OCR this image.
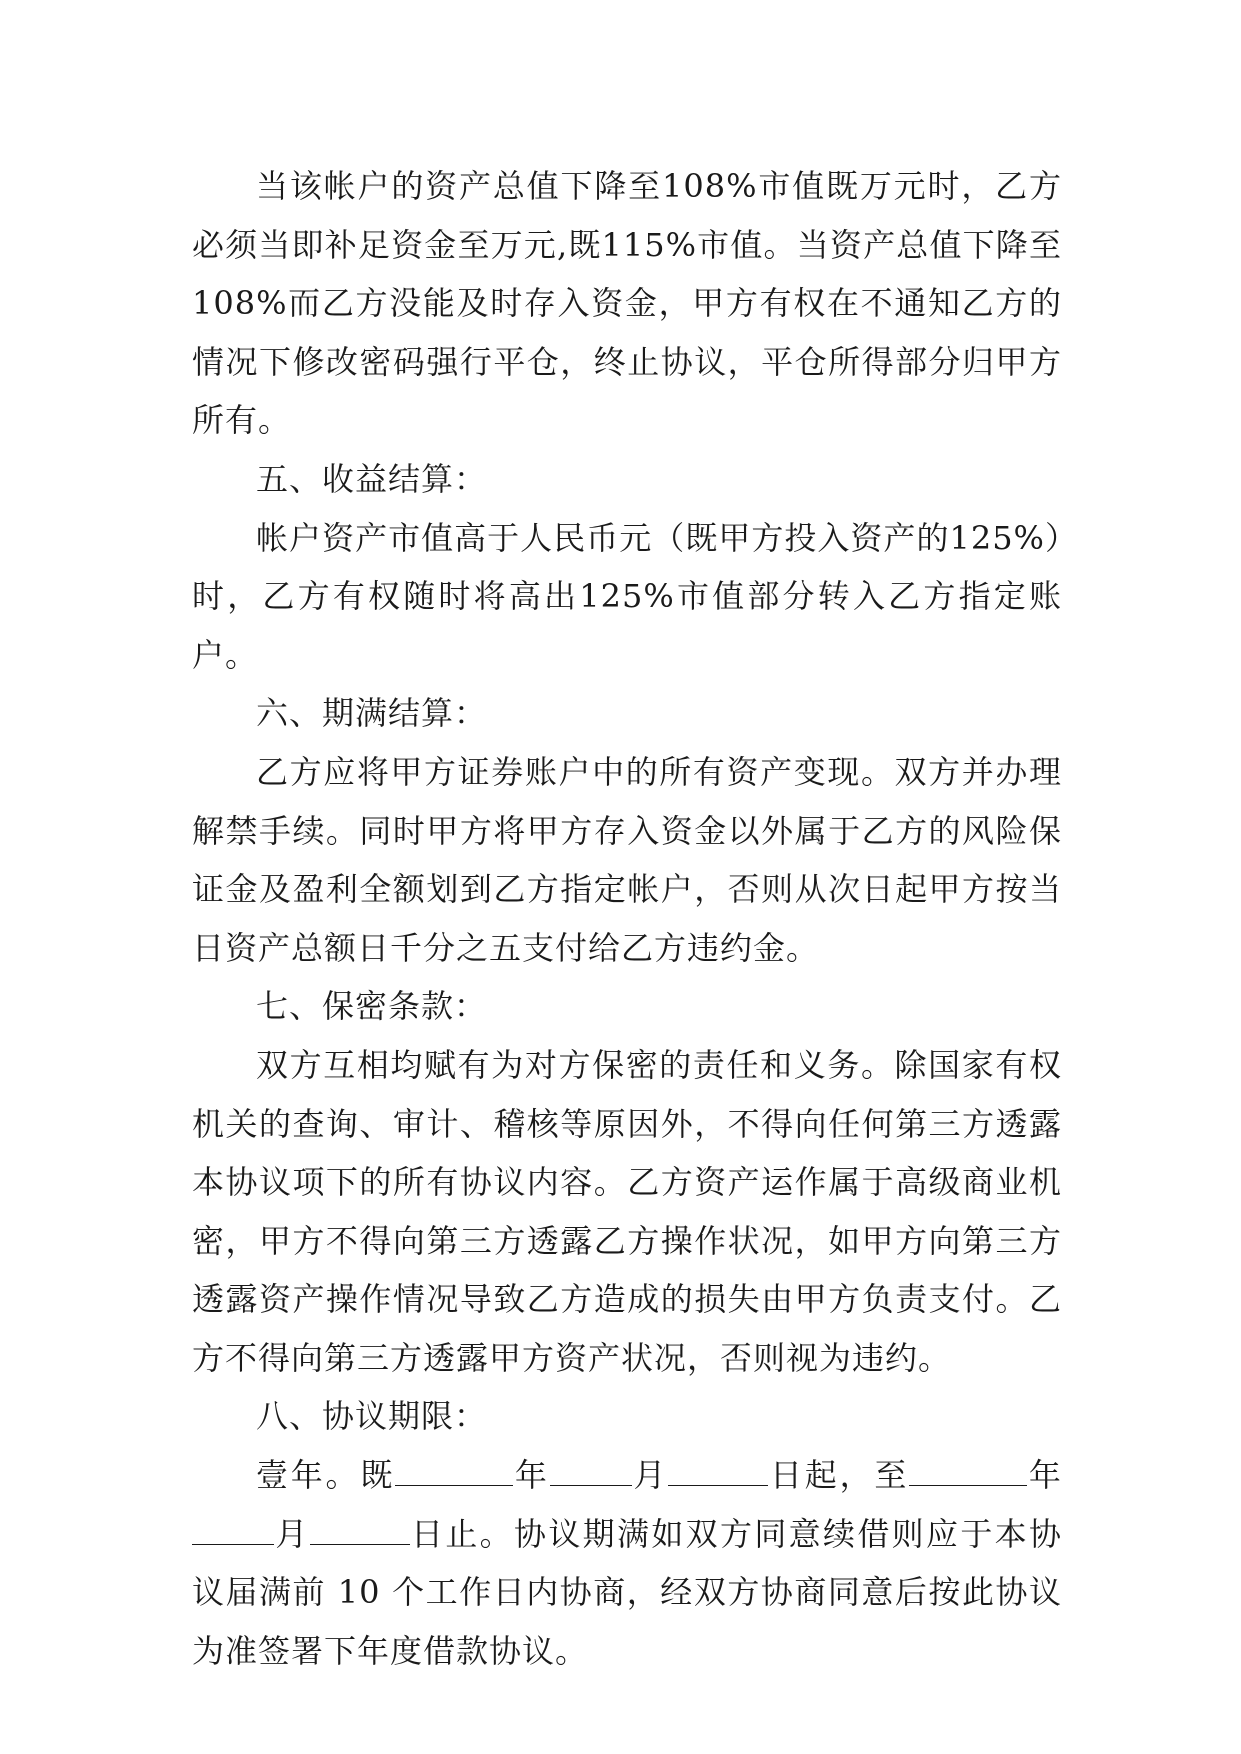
当该帐户的资产总值下降至108%市值既万元时，乙方必须当即补足资金至万元,既115%市值。当资产总值下降至108%而乙方没能及时存入资金，甲方有权在不通知乙方的情况下修改密码强行平仓，终止协议，平仓所得部分归甲方所有。

五、收益结算：

帐户资产市值高于人民币元（既甲方投入资产的125%）时，乙方有权随时将高出125%市值部分转入乙方指定账户。

六、期满结算：

乙方应将甲方证券账户中的所有资产变现。双方并办理解禁手续。同时甲方将甲方存入资金以外属于乙方的风险保证金及盈利全额划到乙方指定帐户，否则从次日起甲方按当日资产总额日千分之五支付给乙方违约金。

七、保密条款：

双方互相均赋有为对方保密的责任和义务。除国家有权机关的查询、审计、稽核等原因外，不得向任何第三方透露本协议项下的所有协议内容。乙方资产运作属于高级商业机密，甲方不得向第三方透露乙方操作状况，如甲方向第三方透露资产操作情况导致乙方造成的损失由甲方负责支付。乙方不得向第三方透露甲方资产状况，否则视为违约。

八、协议期限：

壹年。既	年	月	日起，至	年月	日止。协议期满如双方同意续借则应于本协议届满前 10 个工作日内协商，经双方协商同意后按此协议为准签署下年度借款协议。
